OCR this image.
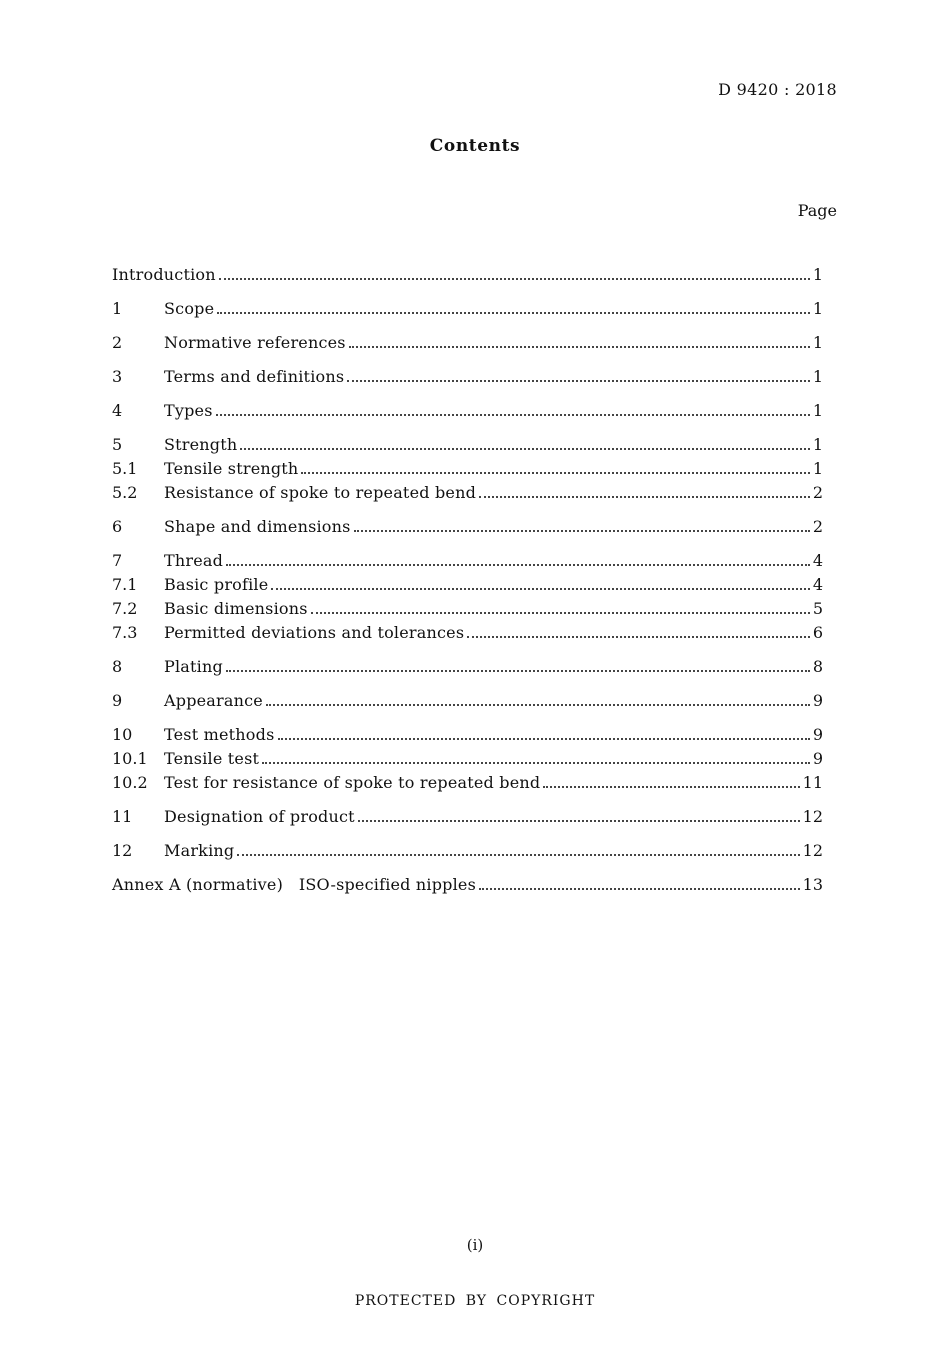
D 9420 : 2018
Contents
Page
Introduction	1
1	Scope	1
2	Normative references	1
3	Terms and definitions	1
4	Types	1
5	Strength	1
5.1	Tensile strength	1
5.2	Resistance of spoke to repeated bend	2
6	Shape and dimensions	2
7	Thread	4
7.1	Basic profile	4
7.2	Basic dimensions	5
7.3	Permitted deviations and tolerances	6
8	Plating	8
9	Appearance	9
10	Test methods	9
10.1	Tensile test	9
10.2	Test for resistance of spoke to repeated bend	11
11	Designation of product	12
12	Marking	12
Annex A (normative)   ISO-specified nipples	13
(i)
PROTECTED BY COPYRIGHT
